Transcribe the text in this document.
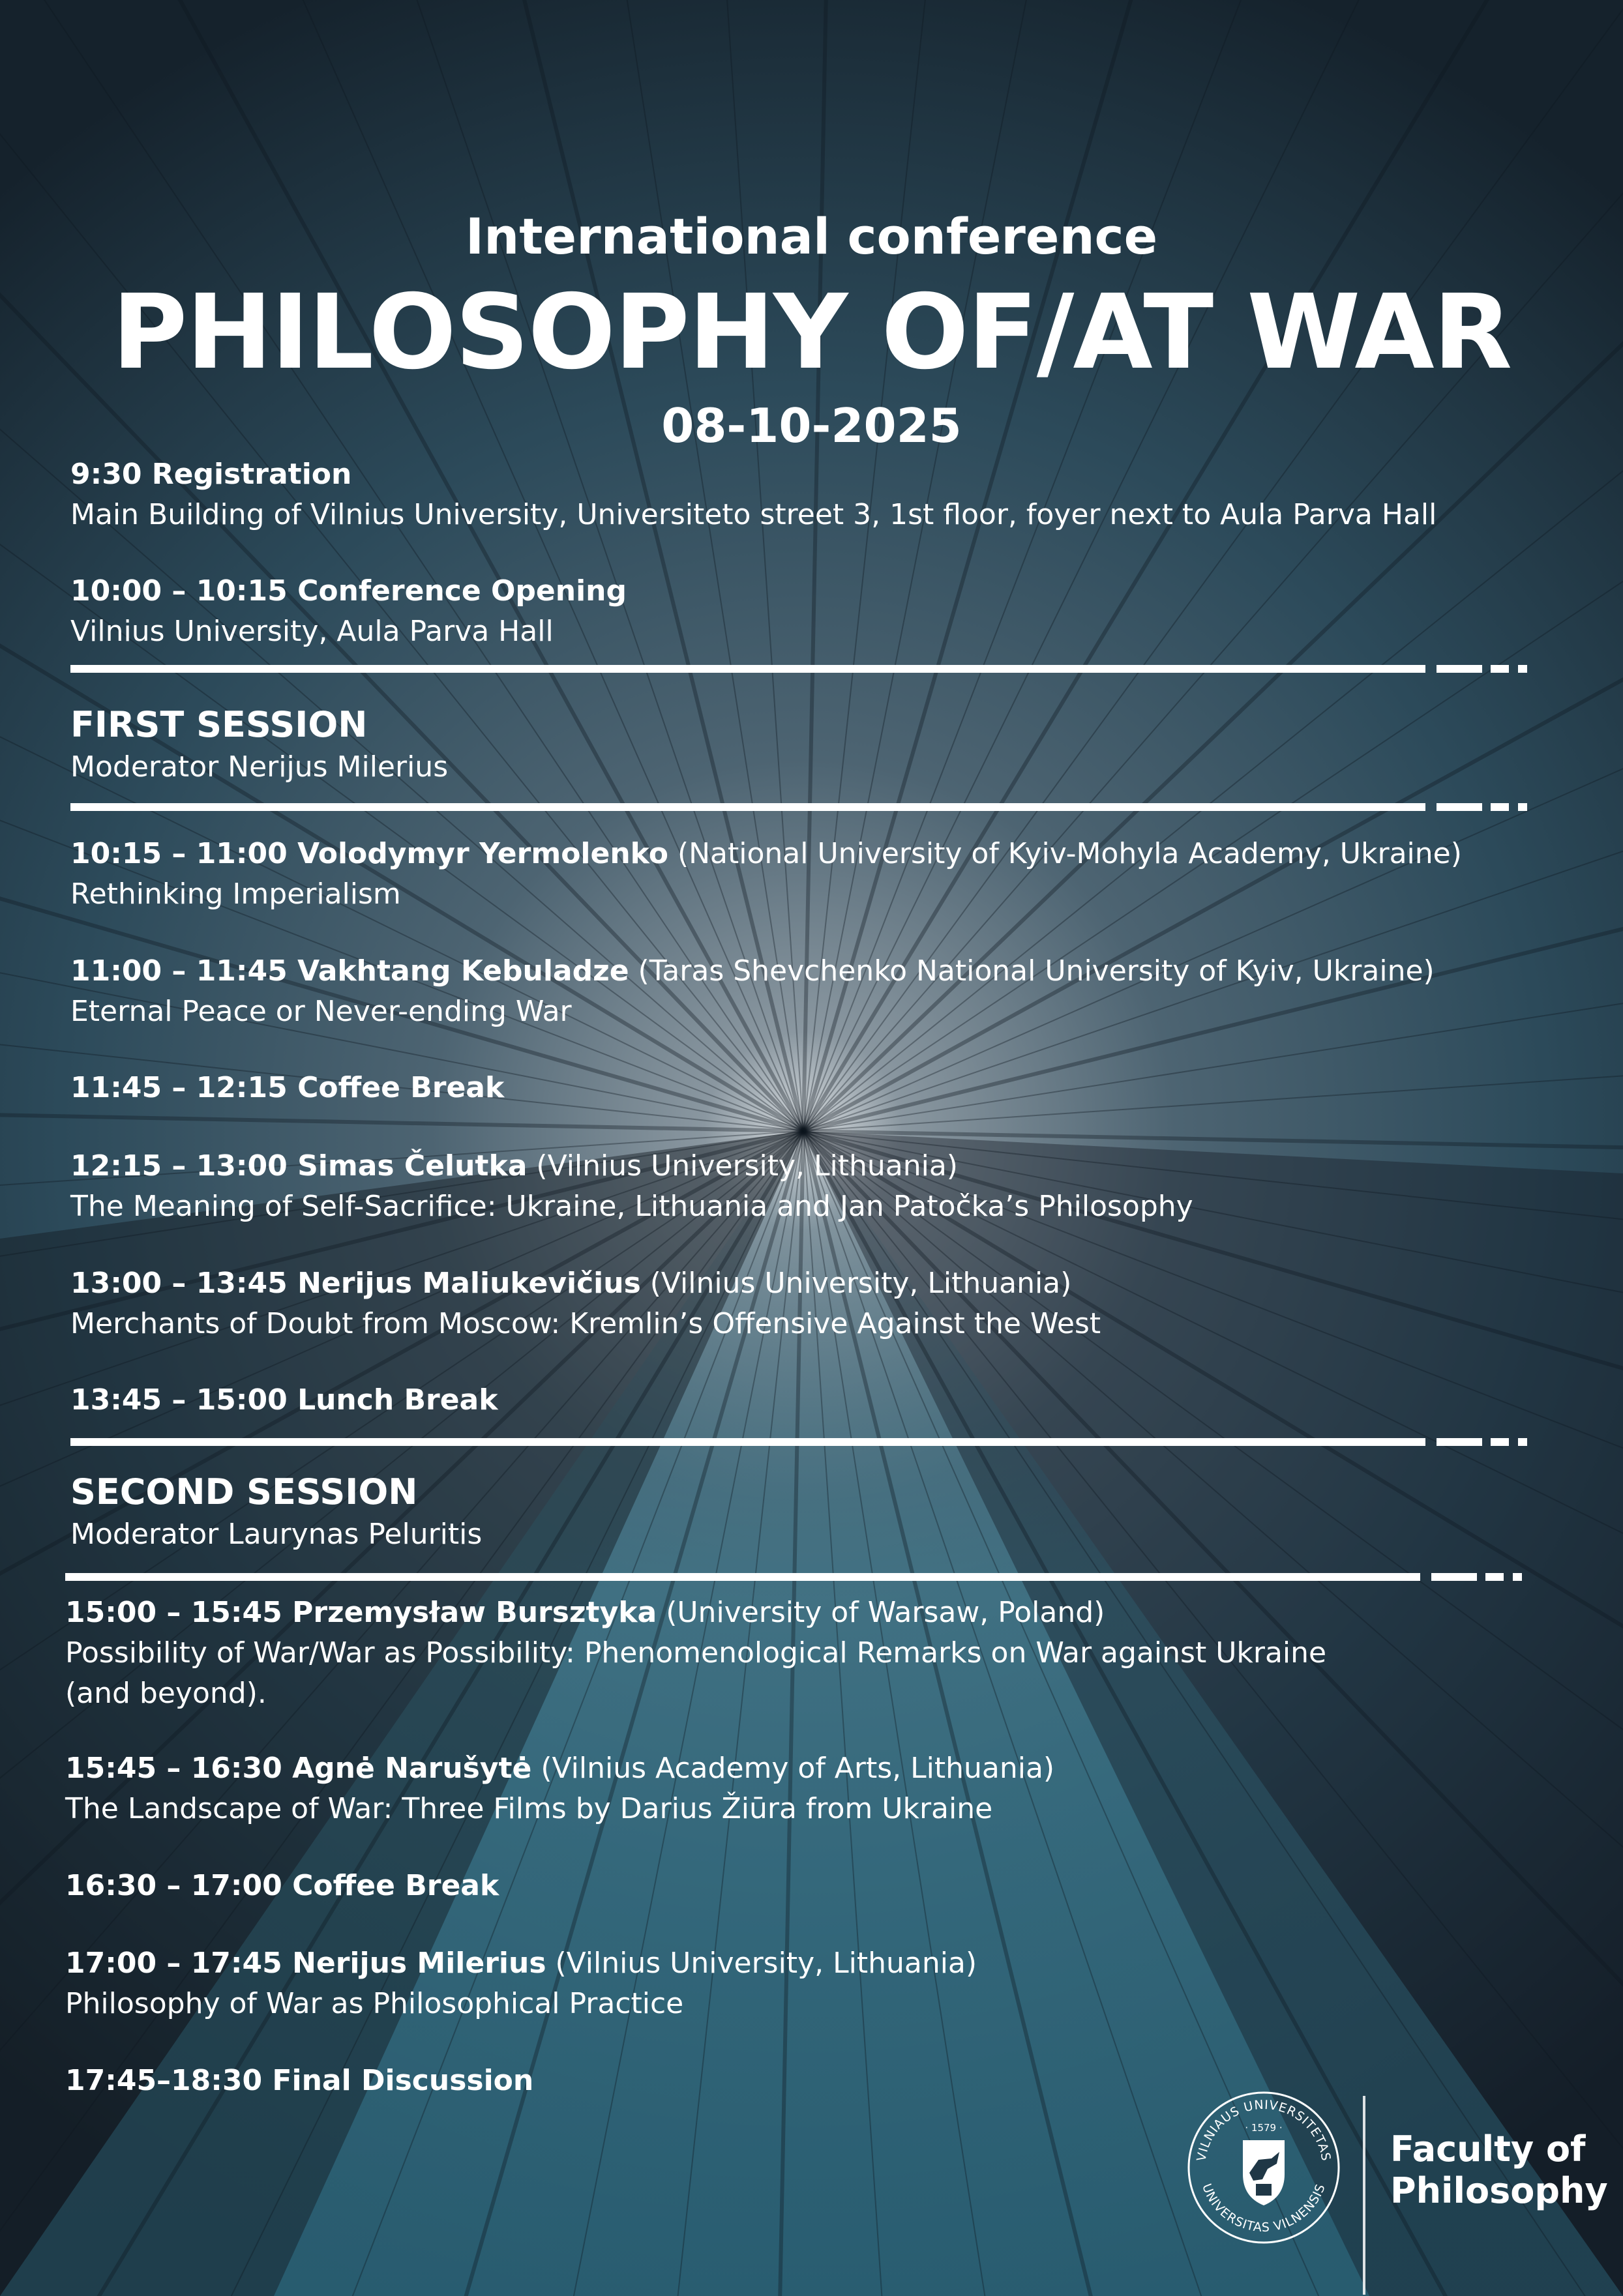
International conference
PHILOSOPHY OF/AT WAR
08-10-2025
9:30 Registration
Main Building of Vilnius University, Universiteto street 3, 1st floor, foyer next to Aula Parva Hall
10:00 – 10:15 Conference Opening
Vilnius University, Aula Parva Hall
FIRST SESSION
Moderator Nerijus Milerius
10:15 – 11:00 Volodymyr Yermolenko (National University of Kyiv-Mohyla Academy, Ukraine)
Rethinking Imperialism
11:00 – 11:45 Vakhtang Kebuladze (Taras Shevchenko National University of Kyiv, Ukraine)
Eternal Peace or Never-ending War
11:45 – 12:15 Coffee Break
12:15 – 13:00 Simas Čelutka (Vilnius University, Lithuania)
The Meaning of Self-Sacrifice: Ukraine, Lithuania and Jan Patočka’s Philosophy
13:00 – 13:45 Nerijus Maliukevičius (Vilnius University, Lithuania)
Merchants of Doubt from Moscow: Kremlin’s Offensive Against the West
13:45 – 15:00 Lunch Break
SECOND SESSION
Moderator Laurynas Peluritis
15:00 – 15:45 Przemysław Bursztyka (University of Warsaw, Poland)
Possibility of War/War as Possibility: Phenomenological Remarks on War against Ukraine
(and beyond).
15:45 – 16:30 Agnė Narušytė (Vilnius Academy of Arts, Lithuania)
The Landscape of War: Three Films by Darius Žiūra from Ukraine
16:30 – 17:00 Coffee Break
17:00 – 17:45 Nerijus Milerius (Vilnius University, Lithuania)
Philosophy of War as Philosophical Practice
17:45–18:30 Final Discussion
VILNIAUS UNIVERSITETAS
UNIVERSITAS VILNENSIS
· 1579 ·
Faculty of
Philosophy
